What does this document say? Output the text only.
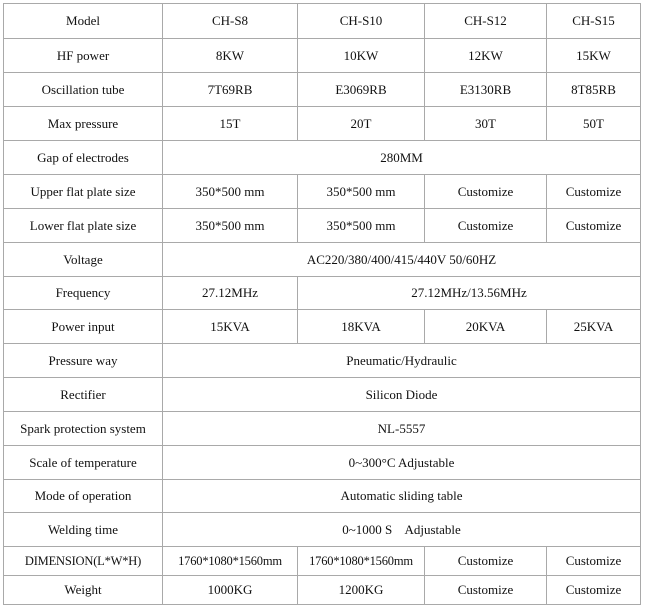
Model	CH-S8	CH-S10	CH-S12	CH-S15
HF power	8KW	10KW	12KW	15KW
Oscillation tube	7T69RB	E3069RB	E3130RB	8T85RB
Max pressure	15T	20T	30T	50T
Gap of electrodes	280MM			
Upper flat plate size	350*500 mm	350*500 mm	Customize	Customize
Lower flat plate size	350*500 mm	350*500 mm	Customize	Customize
Voltage	AC220/380/400/415/440V 50/60HZ			
Frequency	27.12MHz	27.12MHz/13.56MHz		
Power input	15KVA	18KVA	20KVA	25KVA
Pressure way	Pneumatic/Hydraulic			
Rectifier	Silicon Diode			
Spark protection system	NL-5557			
Scale of temperature	0~300°C Adjustable			
Mode of operation	Automatic sliding table			
Welding time	0~1000 S    Adjustable			
DIMENSION(L*W*H)	1760*1080*1560mm	1760*1080*1560mm	Customize	Customize
Weight	1000KG	1200KG	Customize	Customize
